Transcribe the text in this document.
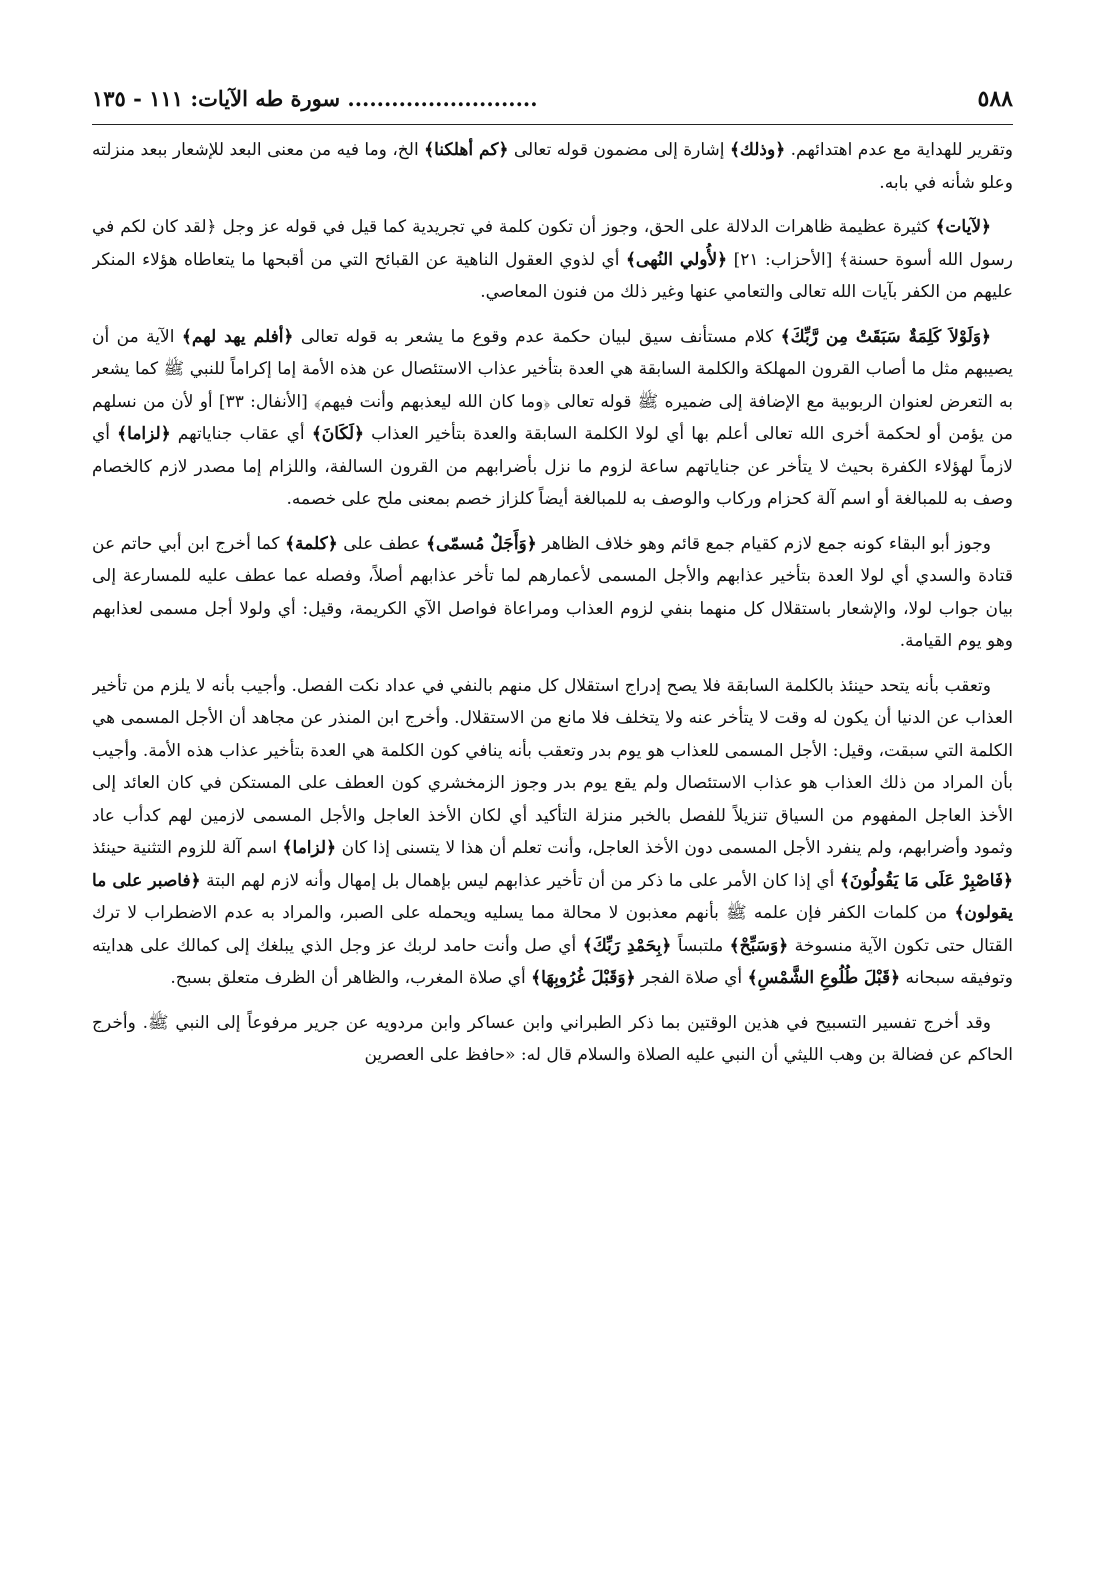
٥٨٨
.......................... سورة طه الآيات: ١١١ - ١٣٥

وتقرير للهداية مع عدم اهتدائهم. ﴿وذلك﴾ إشارة إلى مضمون قوله تعالى ﴿كم أهلكنا﴾ الخ، وما فيه من معنى البعد للإشعار ببعد منزلته وعلو شأنه في بابه.

﴿لآيات﴾ كثيرة عظيمة ظاهرات الدلالة على الحق، وجوز أن تكون كلمة في تجريدية كما قيل في قوله عز وجل ﴿لقد كان لكم في رسول الله أسوة حسنة﴾ [الأحزاب: ٢١] ﴿لأُولي النُهى﴾ أي لذوي العقول الناهية عن القبائح التي من أقبحها ما يتعاطاه هؤلاء المنكر عليهم من الكفر بآيات الله تعالى والتعامي عنها وغير ذلك من فنون المعاصي.

﴿وَلَوْلاَ كَلِمَةٌ سَبَقَتْ مِن رَّبِّكَ﴾ كلام مستأنف سيق لبيان حكمة عدم وقوع ما يشعر به قوله تعالى ﴿أفلم يهد لهم﴾ الآية من أن يصيبهم مثل ما أصاب القرون المهلكة والكلمة السابقة هي العدة بتأخير عذاب الاستئصال عن هذه الأمة إما إكراماً للنبي ﷺ كما يشعر به التعرض لعنوان الربوبية مع الإضافة إلى ضميره ﷺ قوله تعالى ﴿وما كان الله ليعذبهم وأنت فيهم﴾ [الأنفال: ٣٣] أو لأن من نسلهم من يؤمن أو لحكمة أخرى الله تعالى أعلم بها أي لولا الكلمة السابقة والعدة بتأخير العذاب ﴿لَكَانَ﴾ أي عقاب جناياتهم ﴿لزاما﴾ أي لازماً لهؤلاء الكفرة بحيث لا يتأخر عن جناياتهم ساعة لزوم ما نزل بأضرابهم من القرون السالفة، واللزام إما مصدر لازم كالخصام وصف به للمبالغة أو اسم آلة كحزام وركاب والوصف به للمبالغة أيضاً كلزاز خصم بمعنى ملح على خصمه.

وجوز أبو البقاء كونه جمع لازم كقيام جمع قائم وهو خلاف الظاهر ﴿وَأَجَلٌ مُسمّى﴾ عطف على ﴿كلمة﴾ كما أخرج ابن أبي حاتم عن قتادة والسدي أي لولا العدة بتأخير عذابهم والأجل المسمى لأعمارهم لما تأخر عذابهم أصلاً، وفصله عما عطف عليه للمسارعة إلى بيان جواب لولا، والإشعار باستقلال كل منهما بنفي لزوم العذاب ومراعاة فواصل الآي الكريمة، وقيل: أي ولولا أجل مسمى لعذابهم وهو يوم القيامة.

وتعقب بأنه يتحد حينئذ بالكلمة السابقة فلا يصح إدراج استقلال كل منهم بالنفي في عداد نكت الفصل. وأجيب بأنه لا يلزم من تأخير العذاب عن الدنيا أن يكون له وقت لا يتأخر عنه ولا يتخلف فلا مانع من الاستقلال. وأخرج ابن المنذر عن مجاهد أن الأجل المسمى هي الكلمة التي سبقت، وقيل: الأجل المسمى للعذاب هو يوم بدر وتعقب بأنه ينافي كون الكلمة هي العدة بتأخير عذاب هذه الأمة. وأجيب بأن المراد من ذلك العذاب هو عذاب الاستئصال ولم يقع يوم بدر وجوز الزمخشري كون العطف على المستكن في كان العائد إلى الأخذ العاجل المفهوم من السياق تنزيلاً للفصل بالخبر منزلة التأكيد أي لكان الأخذ العاجل والأجل المسمى لازمين لهم كدأب عاد وثمود وأضرابهم، ولم ينفرد الأجل المسمى دون الأخذ العاجل، وأنت تعلم أن هذا لا يتسنى إذا كان ﴿لزاما﴾ اسم آلة للزوم التثنية حينئذ ﴿فَاصْبِرْ عَلَى مَا يَقُولُونَ﴾ أي إذا كان الأمر على ما ذكر من أن تأخير عذابهم ليس بإهمال بل إمهال وأنه لازم لهم البتة ﴿فاصبر على ما يقولون﴾ من كلمات الكفر فإن علمه ﷺ بأنهم معذبون لا محالة مما يسليه ويحمله على الصبر، والمراد به عدم الاضطراب لا ترك القتال حتى تكون الآية منسوخة ﴿وَسَبِّحْ﴾ ملتبساً ﴿بِحَمْدِ رَبِّكَ﴾ أي صل وأنت حامد لربك عز وجل الذي يبلغك إلى كمالك على هدايته وتوفيقه سبحانه ﴿قَبْلَ طُلُوعِ الشَّمْسِ﴾ أي صلاة الفجر ﴿وَقَبْلَ غُرُوبِهَا﴾ أي صلاة المغرب، والظاهر أن الظرف متعلق بسبح.

وقد أخرج تفسير التسبيح في هذين الوقتين بما ذكر الطبراني وابن عساكر وابن مردويه عن جرير مرفوعاً إلى النبي ﷺ. وأخرج الحاكم عن فضالة بن وهب الليثي أن النبي عليه الصلاة والسلام قال له: «حافظ على العصرين
